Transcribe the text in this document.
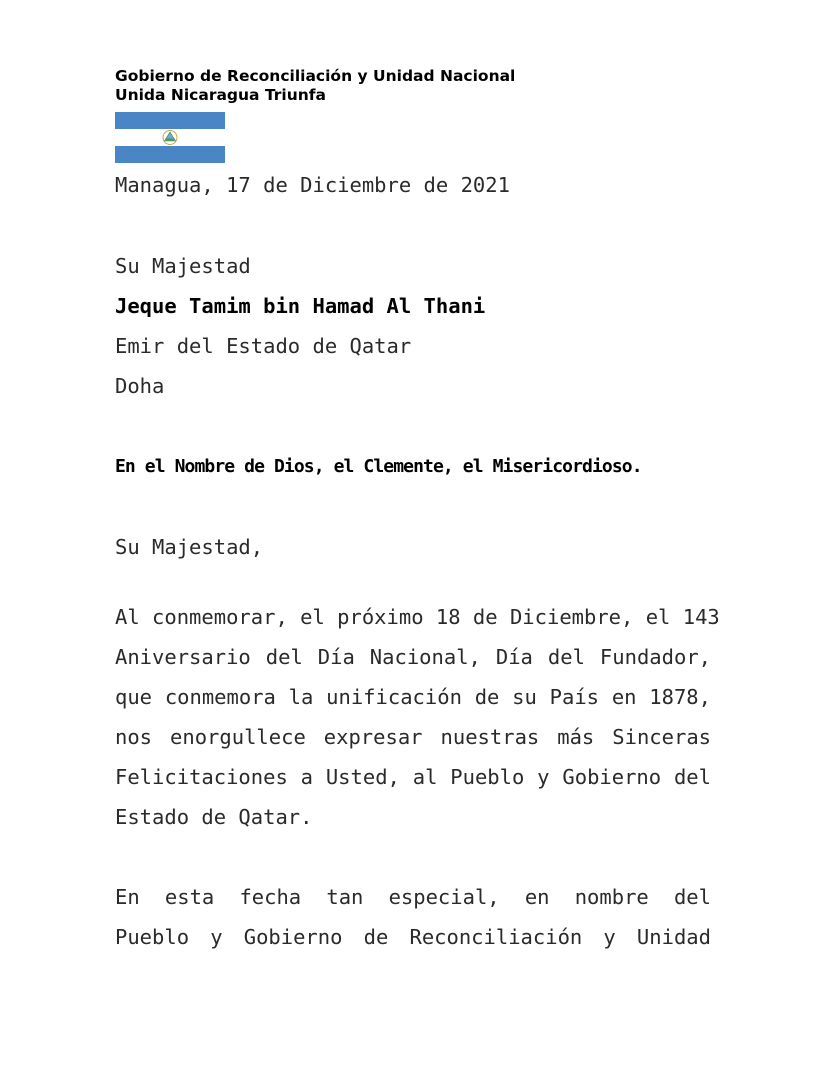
Gobierno de Reconciliación y Unidad Nacional
Unida Nicaragua Triunfa
Managua, 17 de Diciembre de 2021
Su Majestad
Jeque Tamim bin Hamad Al Thani
Emir del Estado de Qatar
Doha
En el Nombre de Dios, el Clemente, el Misericordioso.
Su Majestad,
Al conmemorar, el próximo 18 de Diciembre, el 143
Aniversario del Día Nacional, Día del Fundador,
que conmemora la unificación de su País en 1878,
nos enorgullece expresar nuestras más Sinceras
Felicitaciones a Usted, al Pueblo y Gobierno del
Estado de Qatar.
En esta fecha tan especial, en nombre del
Pueblo y Gobierno de Reconciliación y Unidad
